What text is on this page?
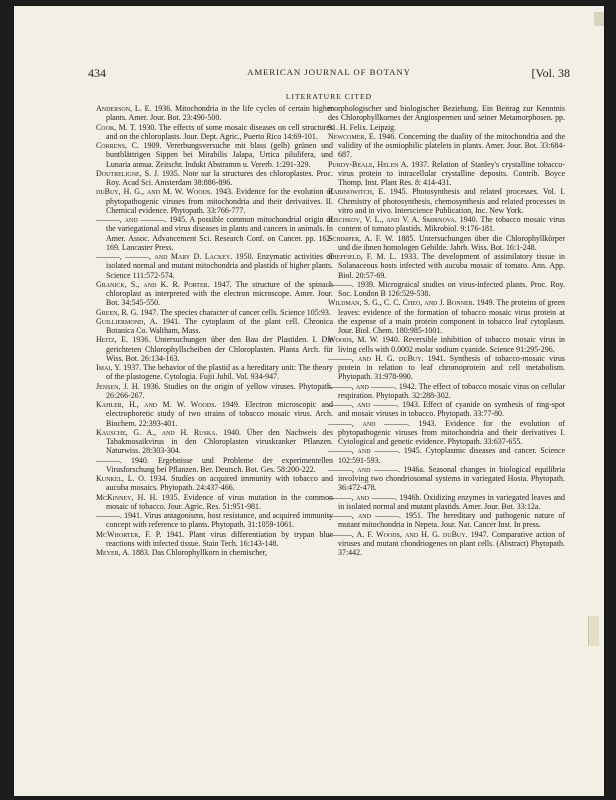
434	AMERICAN JOURNAL OF BOTANY	[Vol. 38
LITERATURE CITED

Anderson, L. E. 1936. Mitochondria in the life cycles of certain higher plants. Amer. Jour. Bot. 23:490-500.

Cook, M. T. 1930. The effects of some mosaic diseases on cell structures and on the chloroplasts. Jour. Dept. Agric., Puerto Rico 14:69-101.

Correns, C. 1909. Vererbungsversuche mit blass (gelb) grünen und buntblättrigen Sippen bei Mirabilis Jalapa, Urtica pilulifera, und Lunaria annua. Zeitschr. Indukt Abstramm u. Vererb. 1:291-329.

Doutreligne, S. J. 1935. Note sur la structures des chloroplastes. Proc. Roy. Acad Sci. Amsterdam 38:886-896.

duBuy, H. G., and M. W. Woods. 1943. Evidence for the evolution of phytopathogenic viruses from mitochondria and their derivatives. II. Chemical evidence. Phytopath. 33:766-777.

———, and ———. 1945. A possible common mitochondrial origin of the variegational and virus diseases in plants and cancers in animals. In Amer. Assoc. Advancement Sci. Research Conf. on Cancer. pp. 162-169. Lancaster Press.

———, ———, and Mary D. Lackey. 1950. Enzymatic activities of isolated normal and mutant mitochondria and plastids of higher plants. Science 111:572-574.

Granick, S., and K. R. Porter. 1947. The structure of the spinach chloroplast as interpreted with the electron microscope. Amer. Jour. Bot. 34:545-550.

Green, R. G. 1947. The species character of cancer cells. Science 105:93.

Guilliermond, A. 1941. The cytoplasm of the plant cell. Chronica Botanica Co. Waltham, Mass.

Heitz, E. 1936. Untersuchungen über den Bau der Plastiden. I. Die gerichteten Chlorophyllscheiben der Chloroplasten. Planta Arch. für Wiss. Bot. 26:134-163.

Imai, Y. 1937. The behavior of the plastid as a hereditary unit: The theory of the plastogene. Cytologia. Fujii Jubil. Vol. 934-947.

Jensen, J. H. 1936. Studies on the origin of yellow viruses. Phytopath. 26:266-267.

Kahler, H., and M. W. Woods. 1949. Electron microscopic and electrophoretic study of two strains of tobacco mosaic virus. Arch. Biochem. 22:393-401.

Kausche, G. A., and H. Ruska. 1940. Über den Nachweis des Tabakmosaikvirus in den Chloroplasten viruskranker Pflanzen. Naturwiss. 28:303-304.

———. 1940. Ergebnisse und Probleme der experimentellen Virusforschung bei Pflanzen. Ber. Deutsch. Bot. Ges. 58:200-222.

Kunkel, L. O. 1934. Studies on acquired immunity with tobacco and aucuba mosaics. Phytopath. 24:437-466.

McKinney, H. H. 1935. Evidence of virus mutation in the common mosaic of tobacco. Jour. Agric. Res. 51:951-981.

———. 1941. Virus antagonisms, host resistance, and acquired immunity concept with reference to plants. Phytopath. 31:1059-1061.

McWhorter, F. P. 1941. Plant virus differentiation by trypan blue reactions with infected tissue. Stain Tech. 16:143-148.

Meyer, A. 1883. Das Chlorophyllkorn in chemischer,

morphologischer und biologischer Beziehung. Ein Beitrag zur Kenntnis des Chlorophyllkornes der Angiospermen und seiner Metamorphosen. pp. 91. H. Felix. Leipzig.

Newcomer, E. 1946. Concerning the duality of the mitochondria and the validity of the osmiophilic platelets in plants. Amer. Jour. Bot. 33:684-687.

Purdy-Beale, Helen A. 1937. Relation of Stanley's crystalline tobacco-virus protein to intracellular crystalline deposits. Contrib. Boyce Thomp. Inst. Plant Res. 8: 414-431.

Rabinowitch, E. 1945. Photosynthesis and related processes. Vol. I. Chemistry of photosynthesis, chemosynthesis and related processes in vitro and in vivo. Interscience Publication, Inc. New York.

Rischkov, V. L., and V. A. Smirnova. 1940. The tobacco mosaic virus content of tomato plastids. Mikrobiol. 9:176-181.

Schimper, A. F. W. 1885. Untersuchungen über die Chlorophyllkörper und die ihnen homologen Gebilde. Jahrb. Wiss. Bot. 16:1-248.

Sheffield, F. M. L. 1933. The development of assimilatory tissue in Solanaceous hosts infected with aucuba mosaic of tomato. Ann. App. Biol. 20:57-69.

———. 1939. Micrograical studies on virus-infected plants. Proc. Roy. Soc. London B 126:529-538.

Wildman, S. G., C. C. Cheo, and J. Bonner. 1949. The proteins of green leaves: evidence of the formation of tobacco mosaic virus protein at the expense of a main protein component in tobacco leaf cytoplasm. Jour. Biol. Chem. 180:985-1001.

Woods, M. W. 1940. Reversible inhibition of tobacco mosaic virus in living cells with 0.0002 molar sodium cyanide. Science 91:295-296.

———, and H. G. duBuy. 1941. Synthesis of tobacco-mosaic virus protein in relation to leaf chromoprotein and cell metabolism. Phytopath. 31:978-990.

———, and ———. 1942. The effect of tobacco mosaic virus on cellular respiration. Phytopath. 32:288-302.

———, and ———. 1943. Effect of cyanide on synthesis of ring-spot and mosaic viruses in tobacco. Phytopath. 33:77-80.

———, and ———. 1943. Evidence for the evolution of phytopathogenic viruses from mitochondria and their derivatives I. Cytological and genetic evidence. Phytopath. 33:637-655.

———, and ———. 1945. Cytoplasmic diseases and cancer. Science 102:591-593.

———, and ———. 1946a. Seasonal changes in biological equilibria involving two chondriosomal systems in variegated Hosta. Phytopath. 36:472-478.

———, and ———. 1946b. Oxidizing enzymes in variegated leaves and in isolated normal and mutant plastids. Amer. Jour. Bot. 33:12a.

———, and ———. 1951. The hereditary and pathogenic nature of mutant mitochondria in Nepeta. Jour. Nat. Cancer Inst. In press.

———, A. F. Woods, and H. G. duBuy. 1947. Comparative action of viruses and mutant chondriogenes on plant cells. (Abstract) Phytopath. 37:442.
